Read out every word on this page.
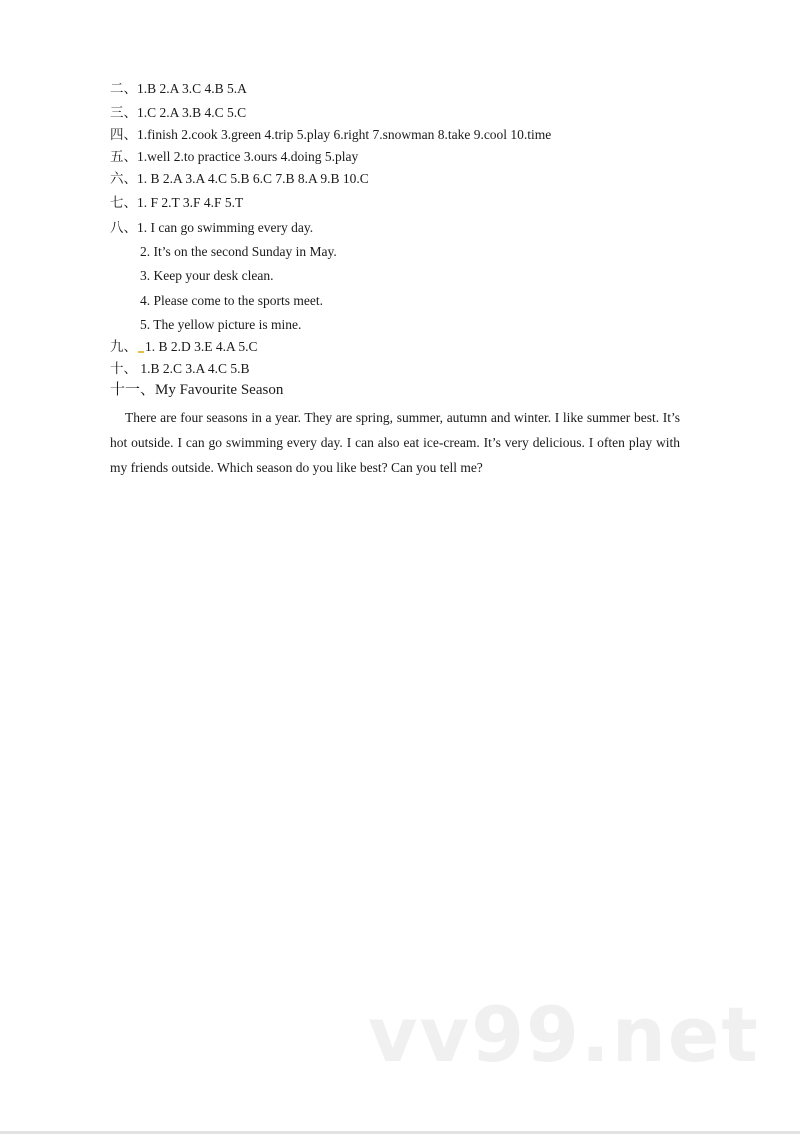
二、1.B 2.A 3.C 4.B 5.A
三、1.C 2.A 3.B 4.C 5.C
四、1.finish 2.cook 3.green 4.trip 5.play 6.right 7.snowman 8.take 9.cool 10.time
五、1.well 2.to practice 3.ours 4.doing 5.play
六、1. B 2.A 3.A 4.C 5.B 6.C 7.B 8.A 9.B 10.C
七、1. F 2.T 3.F 4.F 5.T
八、1. I can go swimming every day.
2. It’s on the second Sunday in May.
3. Keep your desk clean.
4. Please come to the sports meet.
5. The yellow picture is mine.
九、 1. B 2.D 3.E 4.A 5.C
十、 1.B 2.C 3.A 4.C 5.B
十一、My Favourite Season

There are four seasons in a year. They are spring, summer, autumn and winter. I like summer best. It’s hot outside. I can go swimming every day. I can also eat ice-cream. It’s very delicious. I often play with my friends outside. Which season do you like best? Can you tell me?

vv99.net
